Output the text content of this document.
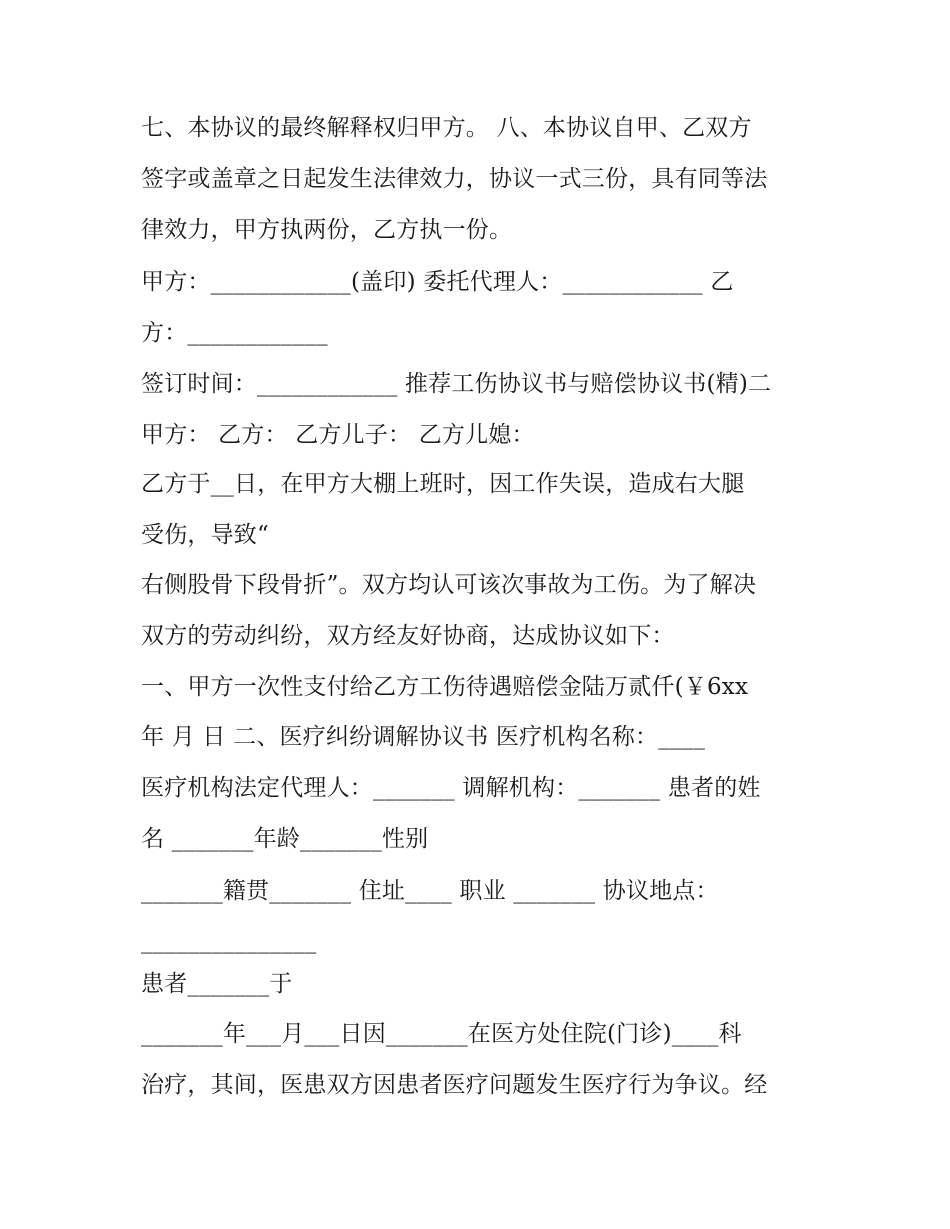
七、本协议的最终解释权归甲方。 八、本协议自甲、乙双方
签字或盖章之日起发生法律效力，协议一式三份，具有同等法
律效力，甲方执两份，乙方执一份。
甲方：____________(盖印) 委托代理人：____________ 乙
方：____________
签订时间：____________ 推荐工伤协议书与赔偿协议书(精)二
甲方： 乙方： 乙方儿子： 乙方儿媳：
乙方于__日，在甲方大棚上班时，因工作失误，造成右大腿
受伤，导致“
右侧股骨下段骨折”。双方均认可该次事故为工伤。为了解决
双方的劳动纠纷，双方经友好协商，达成协议如下：
一、甲方一次性支付给乙方工伤待遇赔偿金陆万贰仟(￥6xx
年 月 日 二、医疗纠纷调解协议书 医疗机构名称：____
医疗机构法定代理人：_______ 调解机构：_______ 患者的姓
名 _______年龄_______性别
_______籍贯_______ 住址____ 职业 _______ 协议地点：
_______________
患者_______于
_______年___月___日因_______在医方处住院(门诊)____科
治疗，其间，医患双方因患者医疗问题发生医疗行为争议。经
